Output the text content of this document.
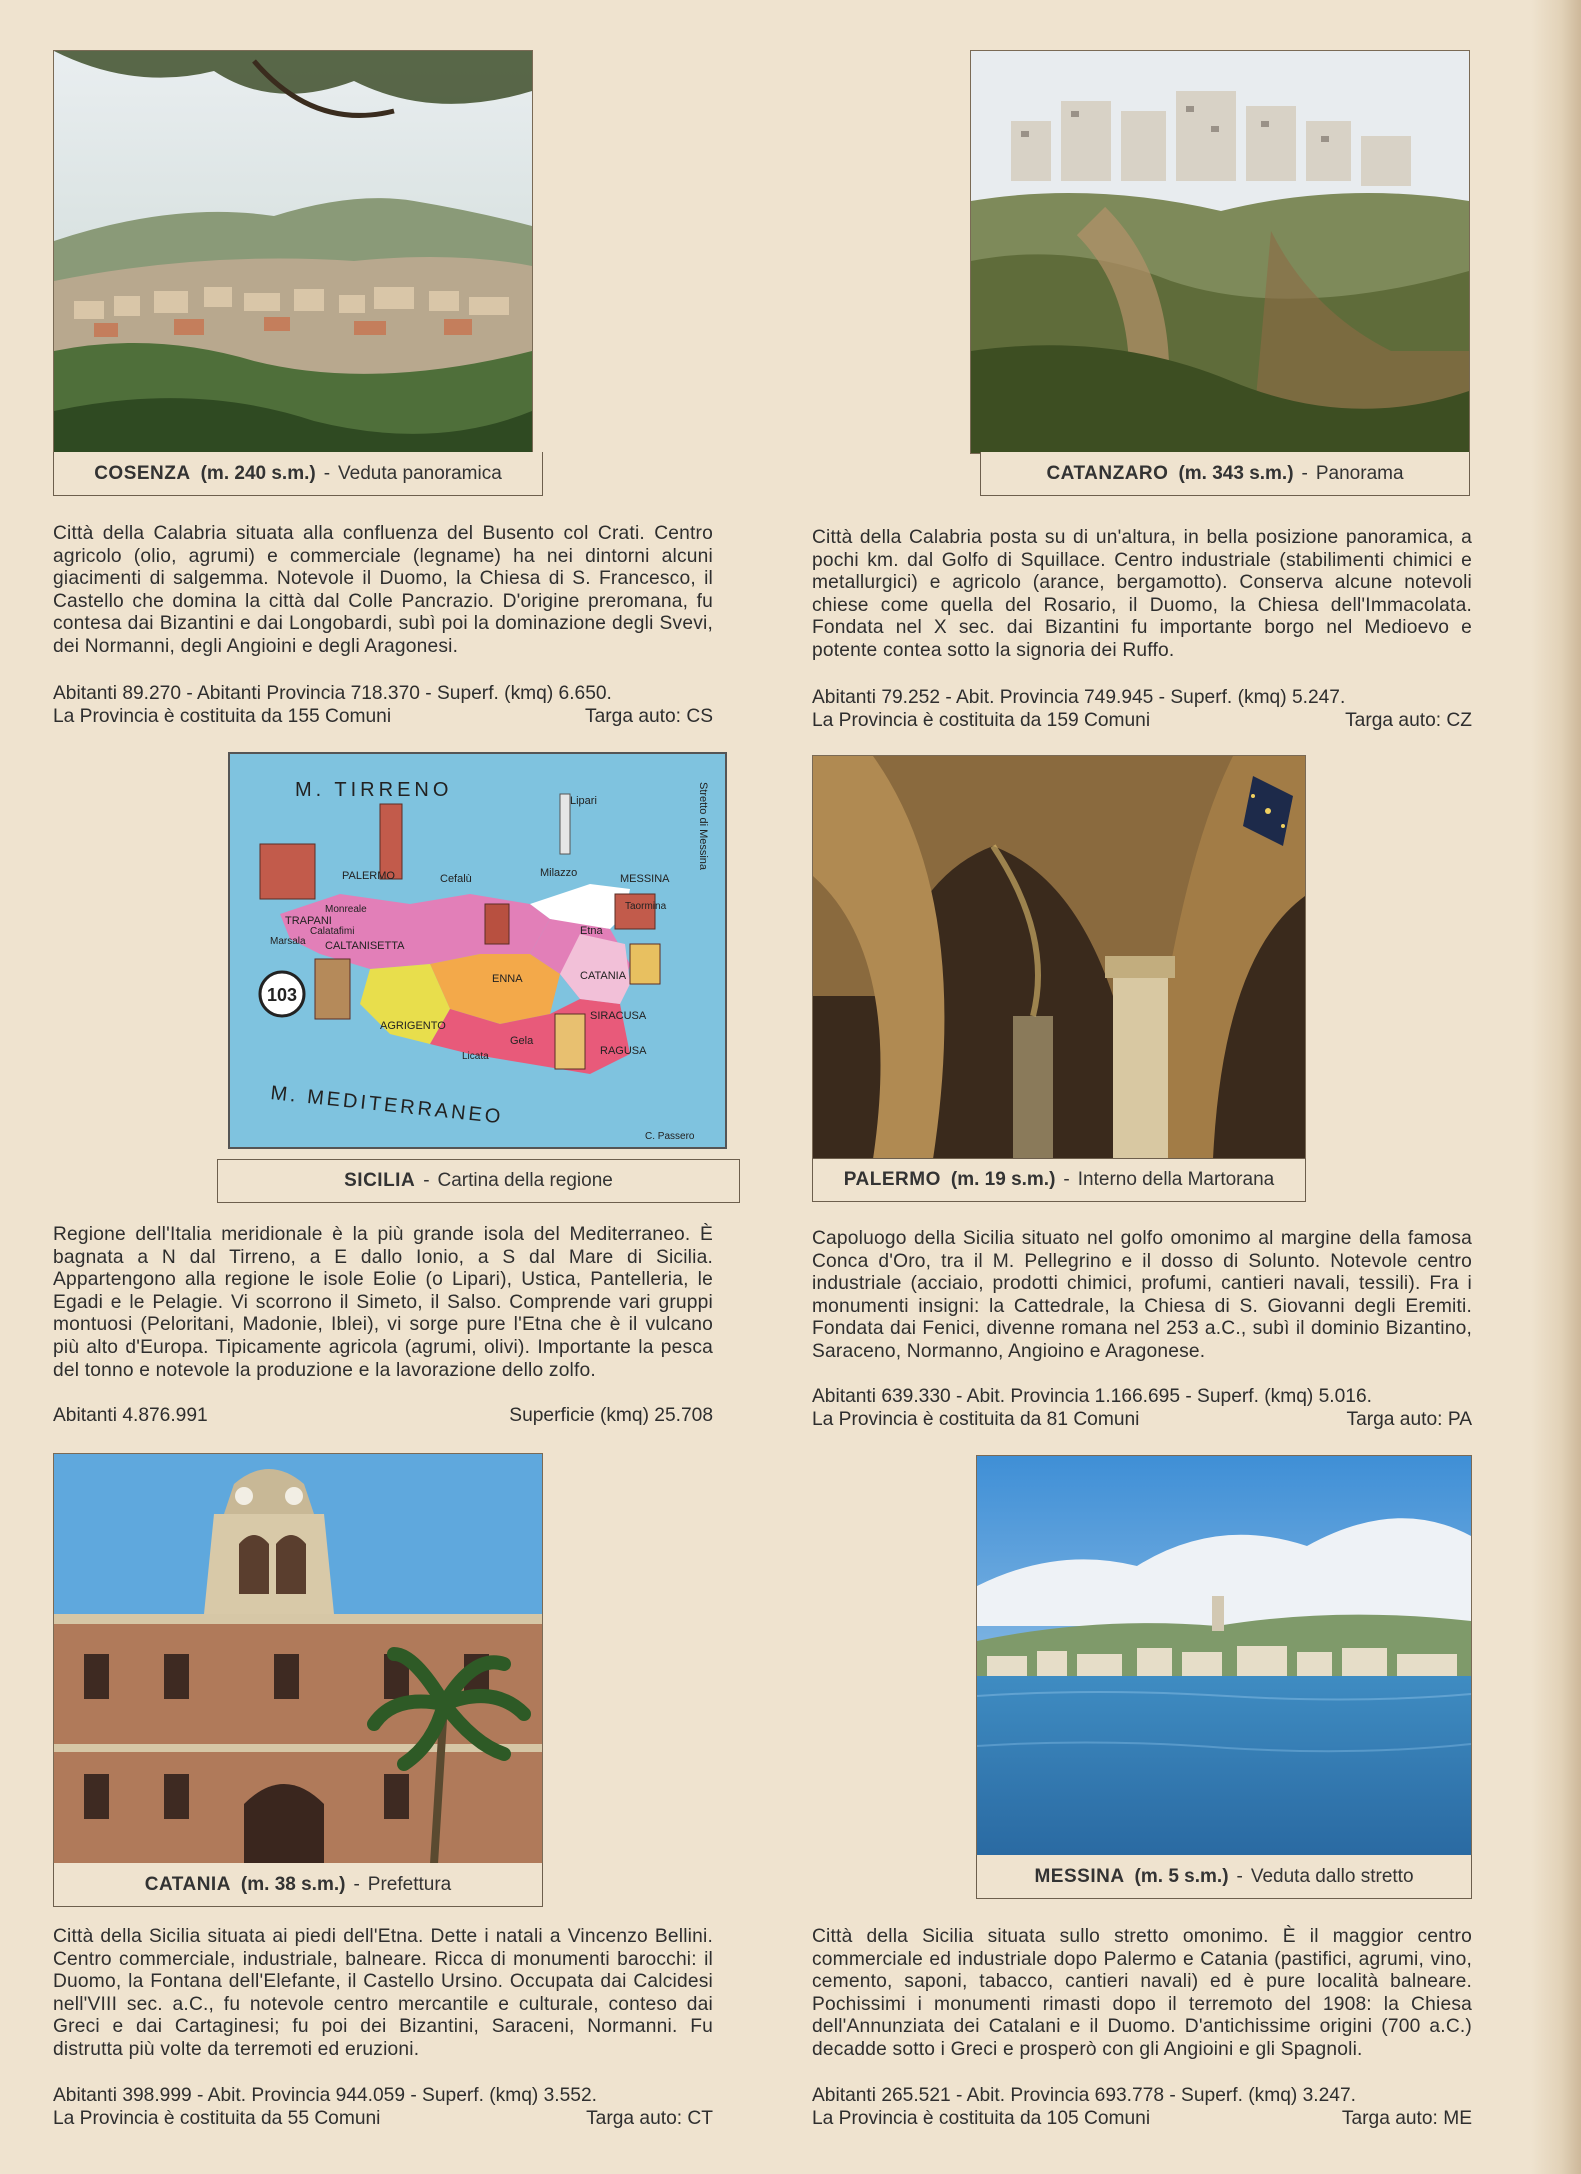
COSENZA (m. 240 s.m.) - Veduta panoramica
Città della Calabria situata alla confluenza del Busento col Crati. Centro agricolo (olio, agrumi) e commerciale (legname) ha nei dintorni alcuni giacimenti di salgemma. Notevole il Duomo, la Chiesa di S. Francesco, il Castello che domina la città dal Colle Pancrazio. D'origine preromana, fu contesa dai Bizantini e dai Longobardi, subì poi la dominazione degli Svevi, dei Normanni, degli Angioini e degli Aragonesi.
Abitanti 89.270 - Abitanti Provincia 718.370 - Superf. (kmq) 6.650.
La Provincia è costituita da 155 Comuni	Targa auto: CS
CATANZARO (m. 343 s.m.) - Panorama
Città della Calabria posta su di un'altura, in bella posizione panoramica, a pochi km. dal Golfo di Squillace. Centro industriale (stabilimenti chimici e metallurgici) e agricolo (arance, bergamotto). Conserva alcune notevoli chiese come quella del Rosario, il Duomo, la Chiesa dell'Immacolata. Fondata nel X sec. dai Bizantini fu importante borgo nel Medioevo e potente contea sotto la signoria dei Ruffo.
Abitanti 79.252 - Abit. Provincia 749.945 - Superf. (kmq) 5.247.
La Provincia è costituita da 159 Comuni	Targa auto: CZ
103
M. TIRRENO
M. MEDITERRANEO
Stretto di Messina
C. Passero
Lipari
PALERMO	Cefalù	Milazzo	MESSINA
Taormina
TRAPANI
Monreale
Marsala
Calatafimi
CALTANISETTA
Etna
ENNA	CATANIA
AGRIGENTO
Gela
SIRACUSA
Licata	RAGUSA
SICILIA - Cartina della regione
Regione dell'Italia meridionale è la più grande isola del Mediterraneo. È bagnata a N dal Tirreno, a E dallo Ionio, a S dal Mare di Sicilia. Appartengono alla regione le isole Eolie (o Lipari), Ustica, Pantelleria, le Egadi e le Pelagie. Vi scorrono il Simeto, il Salso. Comprende vari gruppi montuosi (Peloritani, Madonie, Iblei), vi sorge pure l'Etna che è il vulcano più alto d'Europa. Tipicamente agricola (agrumi, olivi). Importante la pesca del tonno e notevole la produzione e la lavorazione dello zolfo.
Abitanti 4.876.991	Superficie (kmq) 25.708
PALERMO (m. 19 s.m.) - Interno della Martorana
Capoluogo della Sicilia situato nel golfo omonimo al margine della famosa Conca d'Oro, tra il M. Pellegrino e il dosso di Solunto. Notevole centro industriale (acciaio, prodotti chimici, profumi, cantieri navali, tessili). Fra i monumenti insigni: la Cattedrale, la Chiesa di S. Giovanni degli Eremiti. Fondata dai Fenici, divenne romana nel 253 a.C., subì il dominio Bizantino, Saraceno, Normanno, Angioino e Aragonese.
Abitanti 639.330 - Abit. Provincia 1.166.695 - Superf. (kmq) 5.016.
La Provincia è costituita da 81 Comuni	Targa auto: PA
CATANIA (m. 38 s.m.) - Prefettura
Città della Sicilia situata ai piedi dell'Etna. Dette i natali a Vincenzo Bellini. Centro commerciale, industriale, balneare. Ricca di monumenti barocchi: il Duomo, la Fontana dell'Elefante, il Castello Ursino. Occupata dai Calcidesi nell'VIII sec. a.C., fu notevole centro mercantile e culturale, conteso dai Greci e dai Cartaginesi; fu poi dei Bizantini, Saraceni, Normanni. Fu distrutta più volte da terremoti ed eruzioni.
Abitanti 398.999 - Abit. Provincia 944.059 - Superf. (kmq) 3.552.
La Provincia è costituita da 55 Comuni	Targa auto: CT
MESSINA (m. 5 s.m.) - Veduta dallo stretto
Città della Sicilia situata sullo stretto omonimo. È il maggior centro commerciale ed industriale dopo Palermo e Catania (pastifici, agrumi, vino, cemento, saponi, tabacco, cantieri navali) ed è pure località balneare. Pochissimi i monumenti rimasti dopo il terremoto del 1908: la Chiesa dell'Annunziata dei Catalani e il Duomo. D'antichissime origini (700 a.C.) decadde sotto i Greci e prosperò con gli Angioini e gli Spagnoli.
Abitanti 265.521 - Abit. Provincia 693.778 - Superf. (kmq) 3.247.
La Provincia è costituita da 105 Comuni	Targa auto: ME
